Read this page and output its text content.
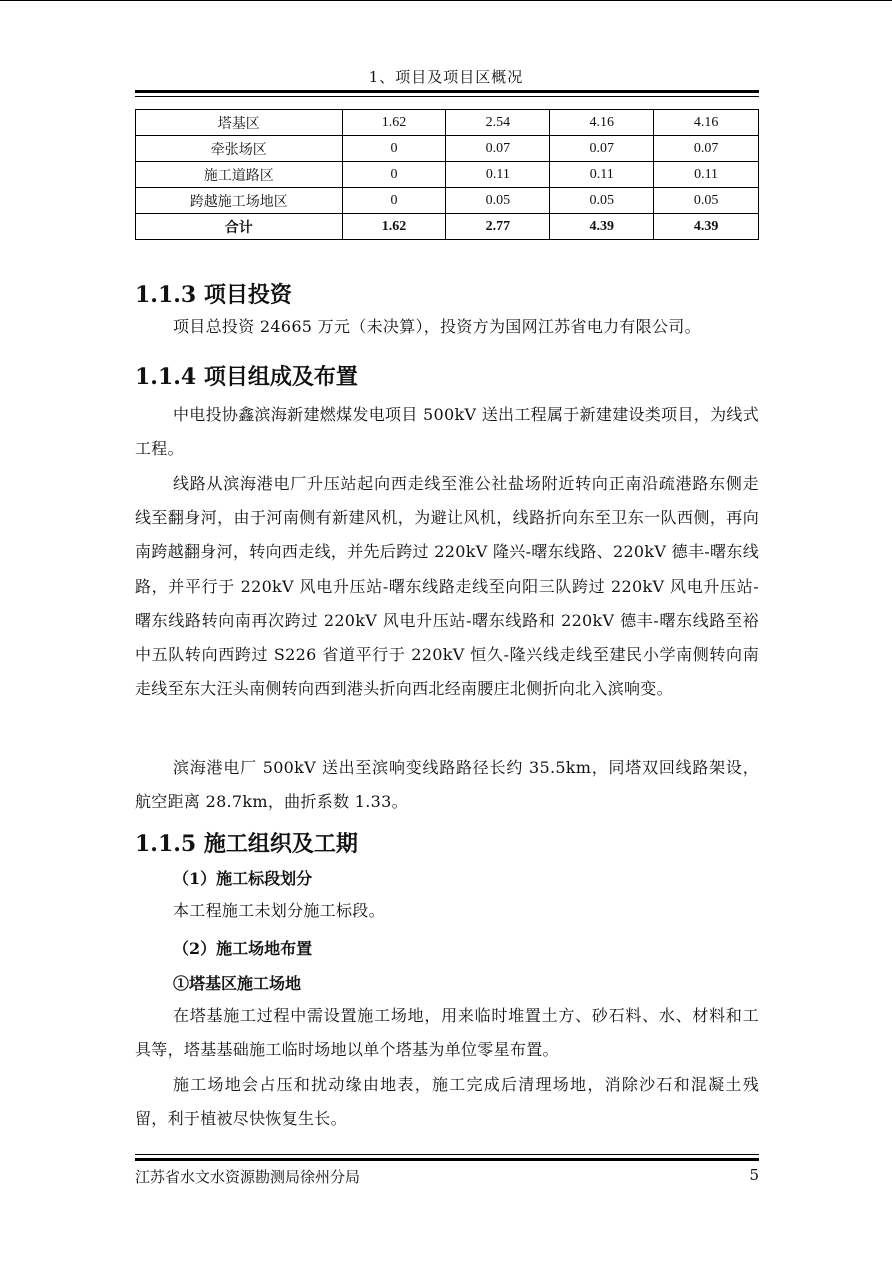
1、项目及项目区概况
塔基区	1.62	2.54	4.16	4.16
牵张场区	0	0.07	0.07	0.07
施工道路区	0	0.11	0.11	0.11
跨越施工场地区	0	0.05	0.05	0.05
合计	1.62	2.77	4.39	4.39
1.1.3 项目投资
项目总投资 24665 万元（未决算），投资方为国网江苏省电力有限公司。
1.1.4 项目组成及布置
中电投协鑫滨海新建燃煤发电项目 500kV 送出工程属于新建建设类项目，为线式工程。
线路从滨海港电厂升压站起向西走线至淮公社盐场附近转向正南沿疏港路东侧走线至翻身河，由于河南侧有新建风机，为避让风机，线路折向东至卫东一队西侧，再向南跨越翻身河，转向西走线，并先后跨过 220kV 隆兴-曙东线路、220kV 德丰-曙东线路，并平行于 220kV 风电升压站-曙东线路走线至向阳三队跨过 220kV 风电升压站-曙东线路转向南再次跨过 220kV 风电升压站-曙东线路和 220kV 德丰-曙东线路至裕中五队转向西跨过 S226 省道平行于 220kV 恒久-隆兴线走线至建民小学南侧转向南走线至东大汪头南侧转向西到港头折向西北经南腰庄北侧折向北入滨响变。
滨海港电厂 500kV 送出至滨响变线路路径长约 35.5km，同塔双回线路架设，航空距离 28.7km，曲折系数 1.33。
1.1.5 施工组织及工期
（1）施工标段划分
本工程施工未划分施工标段。
（2）施工场地布置
①塔基区施工场地
在塔基施工过程中需设置施工场地，用来临时堆置土方、砂石料、水、材料和工具等，塔基基础施工临时场地以单个塔基为单位零星布置。
施工场地会占压和扰动缘由地表，施工完成后清理场地，消除沙石和混凝土残留，利于植被尽快恢复生长。
江苏省水文水资源勘测局徐州分局	5
